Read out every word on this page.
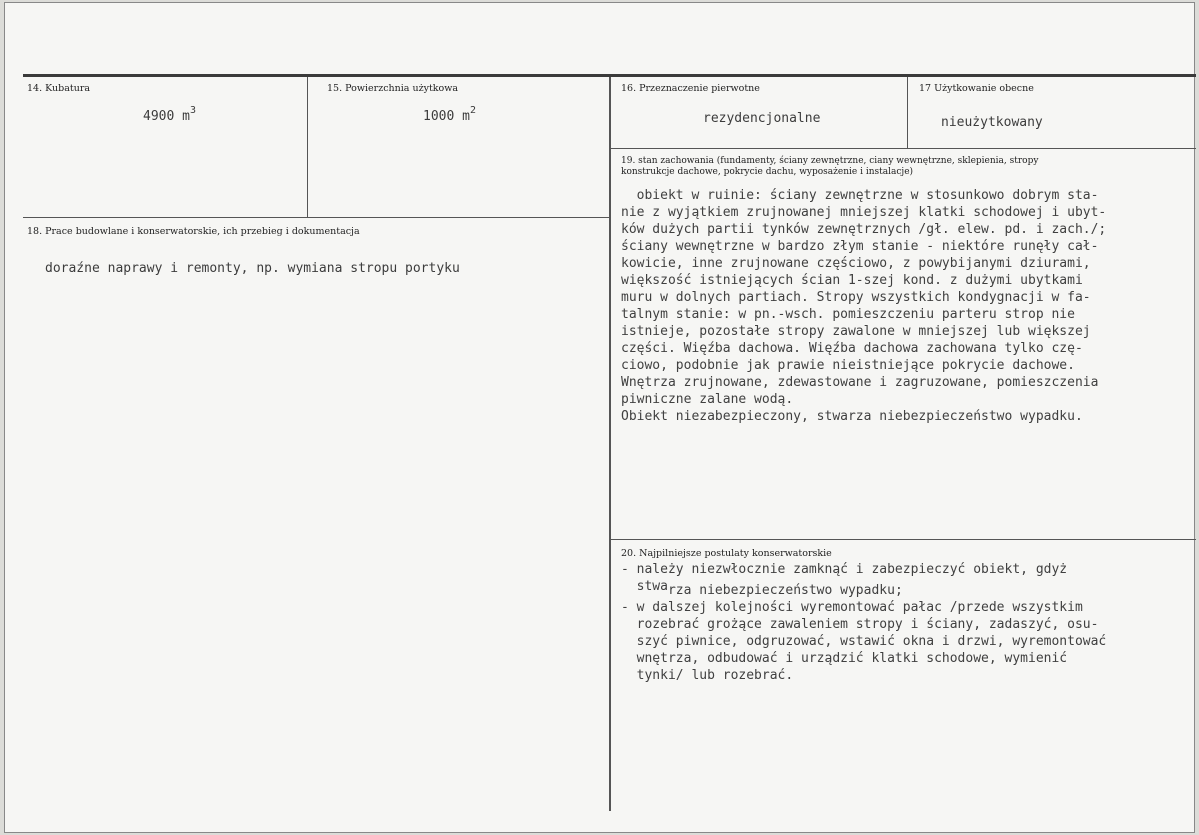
14. Kubatura
4900 $m^3$
15. Powierzchnia użytkowa
1000 $m^2$
16. Przeznaczenie pierwotne
rezydencjonalne
17 Użytkowanie obecne
nieużytkowany
18. Prace budowlane i konserwatorskie, ich przebieg i dokumentacja
doraźne naprawy i remonty, np. wymiana stropu portyku
19. stan zachowania (fundamenty, ściany zewnętrzne, ciany wewnętrzne, sklepienia, stropy
konstrukcje dachowe, pokrycie dachu, wyposażenie i instalacje)
obiekt w ruinie: ściany zewnętrzne w stosunkowo dobrym sta-
nie z wyjątkiem zrujnowanej mniejszej klatki schodowej i ubyt-
ków dużych partii tynków zewnętrznych /gł. elew. pd. i zach./;
ściany wewnętrzne w bardzo złym stanie - niektóre runęły cał-
kowicie, inne zrujnowane częściowo, z powybijanymi dziurami,
większość istniejących ścian 1-szej kond. z dużymi ubytkami
muru w dolnych partiach. Stropy wszystkich kondygnacji w fa-
talnym stanie: w pn.-wsch. pomieszczeniu parteru strop nie
istnieje, pozostałe stropy zawalone w mniejszej lub większej
części. Więźba dachowa. Więźba dachowa zachowana tylko czę-
ciowo, podobnie jak prawie nieistniejące pokrycie dachowe.
Wnętrza zrujnowane, zdewastowane i zagruzowane, pomieszczenia
piwniczne zalane wodą.
Obiekt niezabezpieczony, stwarza niebezpieczeństwo wypadku.
20. Najpilniejsze postulaty konserwatorskie
- należy niezwłocznie zamknąć i zabezpieczyć obiekt, gdyż
stwa$_{rza niebezpieczeństwo wypadku;}$
- w dalszej kolejności wyremontować pałac /przede wszystkim
rozebrać grożące zawaleniem stropy i ściany, zadaszyć, osu-
szyć piwnice, odgruzować, wstawić okna i drzwi, wyremontować
wnętrza, odbudować i urządzić klatki schodowe, wymienić
tynki/ lub rozebrać.
